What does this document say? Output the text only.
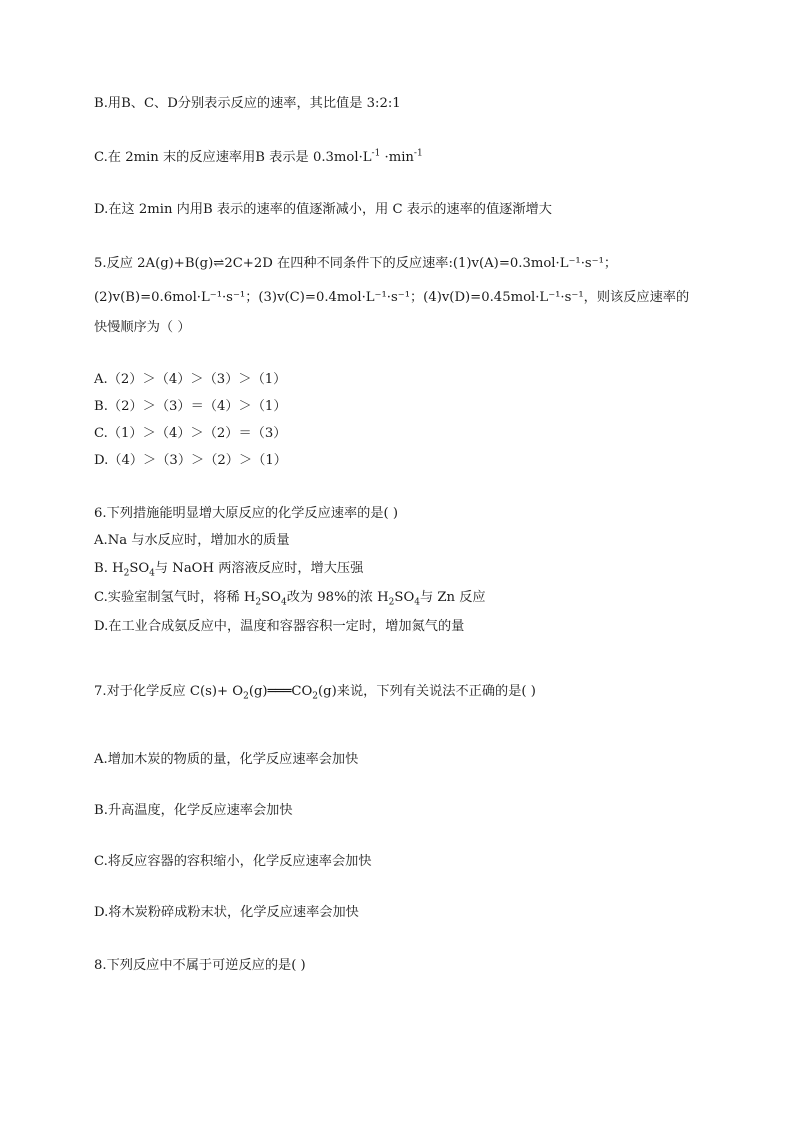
B.用B、C、D分别表示反应的速率，其比值是 3:2:1
C.在 2min 末的反应速率用B 表示是 $0.3mol\cdot L^{-1} \cdot\min^{-1}$
D.在这 2min 内用B 表示的速率的值逐渐减小，用 C 表示的速率的值逐渐增大
5.反应 2A(g)+B(g)⇌2C+2D 在四种不同条件下的反应速率:(1)v(A)=0.3mol·L⁻¹·s⁻¹；
(2)v(B)=0.6mol·L⁻¹·s⁻¹；(3)v(C)=0.4mol·L⁻¹·s⁻¹；(4)v(D)=0.45mol·L⁻¹·s⁻¹，则该反应速率的
快慢顺序为（ ）
A.（2）＞（4）＞（3）＞（1）
B.（2）＞（3）＝（4）＞（1）
C.（1）＞（4）＞（2）＝（3）
D.（4）＞（3）＞（2）＞（1）
6.下列措施能明显增大原反应的化学反应速率的是( )
A.Na 与水反应时，增加水的质量
B. $H_2SO_4$与 NaOH 两溶液反应时，增大压强
C.实验室制氢气时，将稀 $H_2SO_4$改为 98%的浓 $H_2SO_4$与 Zn 反应
D.在工业合成氨反应中，温度和容器容积一定时，增加氮气的量
7.对于化学反应 $C(s)+ O_2(g)═══CO_2(g)$来说，下列有关说法不正确的是( )
A.增加木炭的物质的量，化学反应速率会加快
B.升高温度，化学反应速率会加快
C.将反应容器的容积缩小，化学反应速率会加快
D.将木炭粉碎成粉末状，化学反应速率会加快
8.下列反应中不属于可逆反应的是( )
